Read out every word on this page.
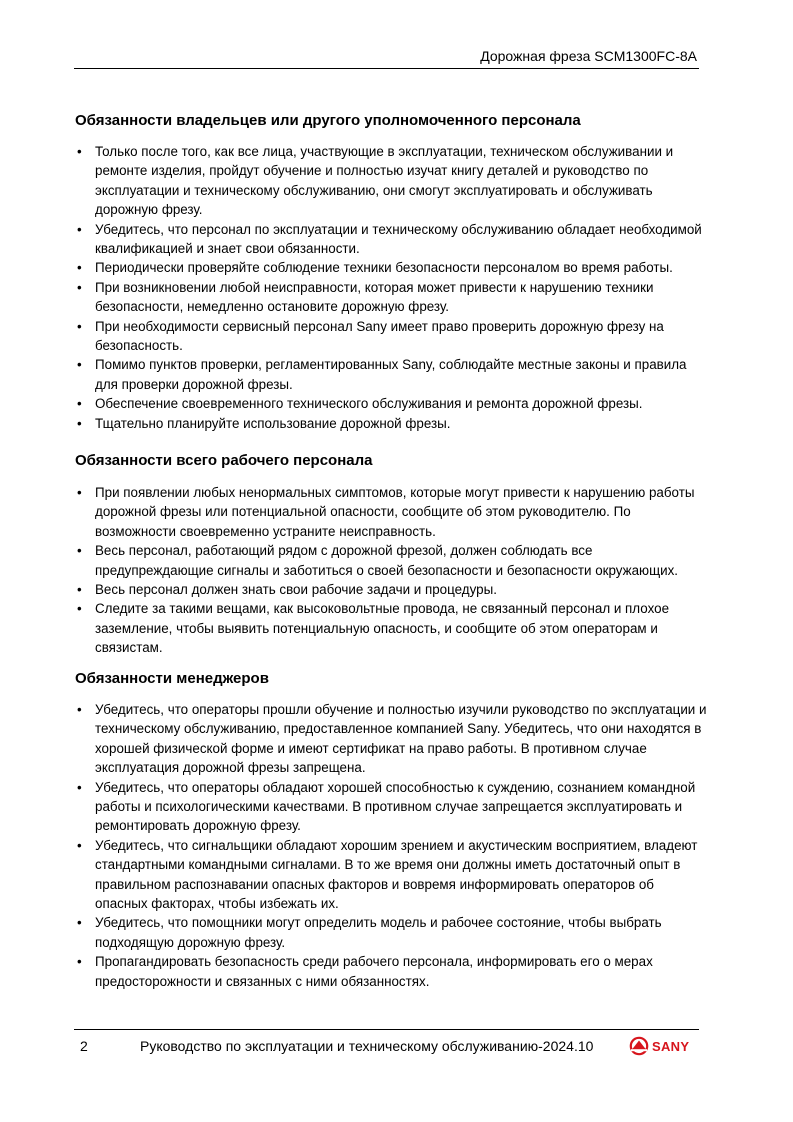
Дорожная фреза SCM1300FC-8A
Обязанности владельцев или другого уполномоченного персонала
• Только после того, как все лица, участвующие в эксплуатации, техническом обслуживании и ремонте изделия, пройдут обучение и полностью изучат книгу деталей и руководство по эксплуатации и техническому обслуживанию, они смогут эксплуатировать и обслуживать дорожную фрезу.
• Убедитесь, что персонал по эксплуатации и техническому обслуживанию обладает необходимой квалификацией и знает свои обязанности.
• Периодически проверяйте соблюдение техники безопасности персоналом во время работы.
• При возникновении любой неисправности, которая может привести к нарушению техники безопасности, немедленно остановите дорожную фрезу.
• При необходимости сервисный персонал Sany имеет право проверить дорожную фрезу на безопасность.
• Помимо пунктов проверки, регламентированных Sany, соблюдайте местные законы и правила для проверки дорожной фрезы.
• Обеспечение своевременного технического обслуживания и ремонта дорожной фрезы.
• Тщательно планируйте использование дорожной фрезы.
Обязанности всего рабочего персонала
• При появлении любых ненормальных симптомов, которые могут привести к нарушению работы дорожной фрезы или потенциальной опасности, сообщите об этом руководителю. По возможности своевременно устраните неисправность.
• Весь персонал, работающий рядом с дорожной фрезой, должен соблюдать все предупреждающие сигналы и заботиться о своей безопасности и безопасности окружающих.
• Весь персонал должен знать свои рабочие задачи и процедуры.
• Следите за такими вещами, как высоковольтные провода, не связанный персонал и плохое заземление, чтобы выявить потенциальную опасность, и сообщите об этом операторам и связистам.
Обязанности менеджеров
• Убедитесь, что операторы прошли обучение и полностью изучили руководство по эксплуатации и техническому обслуживанию, предоставленное компанией Sany. Убедитесь, что они находятся в хорошей физической форме и имеют сертификат на право работы. В противном случае эксплуатация дорожной фрезы запрещена.
• Убедитесь, что операторы обладают хорошей способностью к суждению, сознанием командной работы и психологическими качествами. В противном случае запрещается эксплуатировать и ремонтировать дорожную фрезу.
• Убедитесь, что сигнальщики обладают хорошим зрением и акустическим восприятием, владеют стандартными командными сигналами. В то же время они должны иметь достаточный опыт в правильном распознавании опасных факторов и вовремя информировать операторов об опасных факторах, чтобы избежать их.
• Убедитесь, что помощники могут определить модель и рабочее состояние, чтобы выбрать подходящую дорожную фрезу.
• Пропагандировать безопасность среди рабочего персонала, информировать его о мерах предосторожности и связанных с ними обязанностях.
2	Руководство по эксплуатации и техническому обслуживанию-2024.10	SANY
